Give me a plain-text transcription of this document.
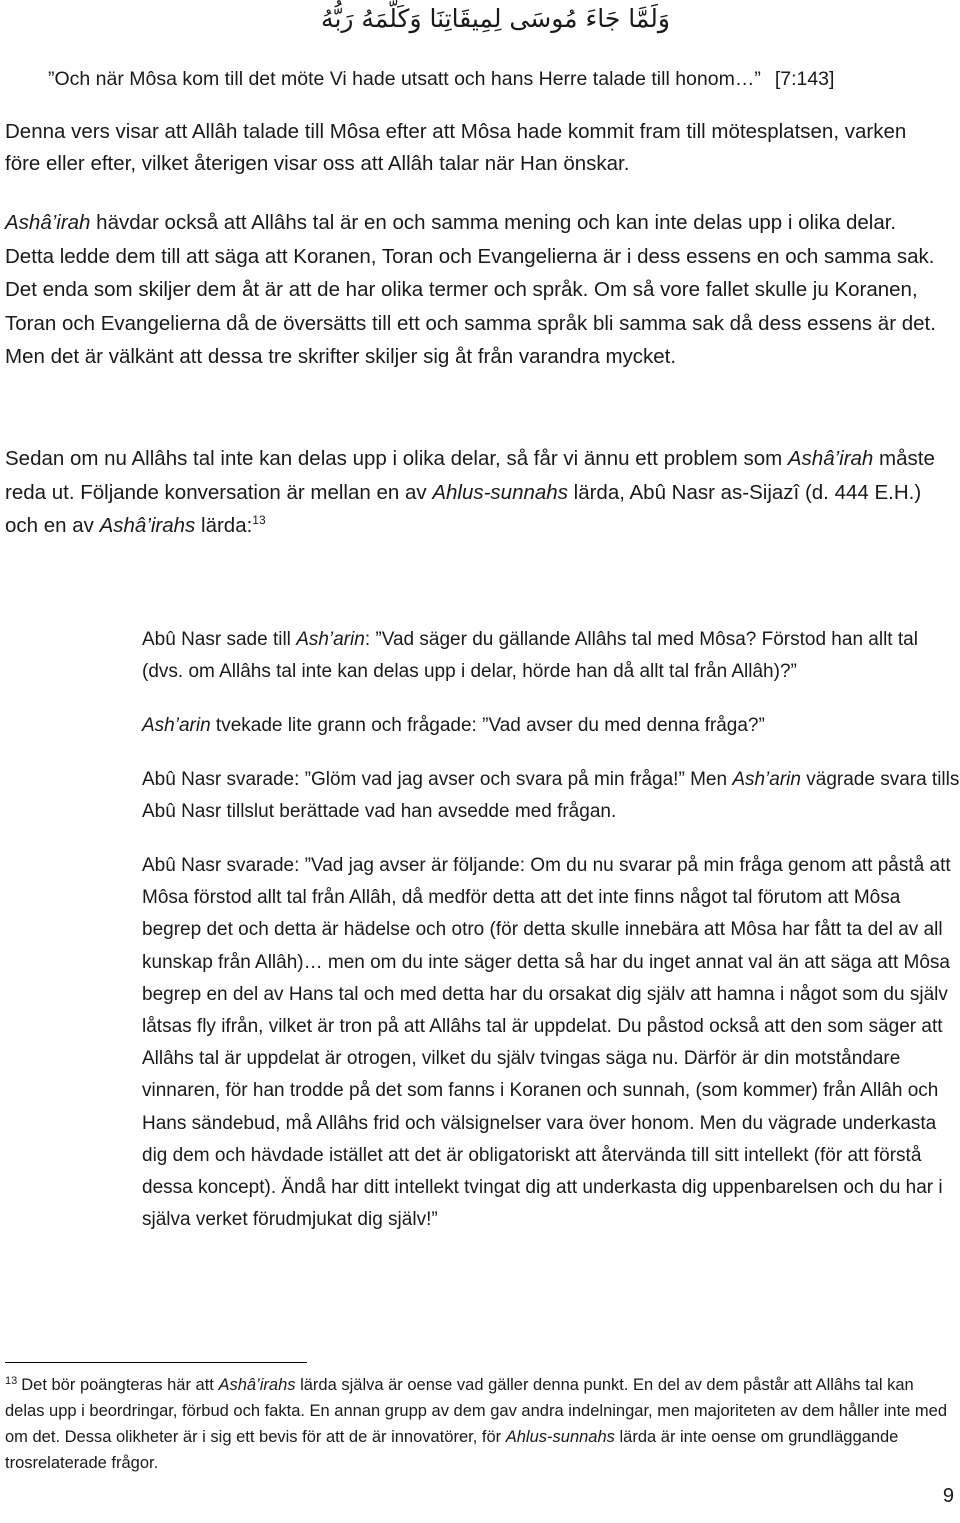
وَلَمَّا جَاءَ مُوسَى لِمِيقَاتِنَا وَكَلَّمَهُ رَبُّهُ
”Och när Môsa kom till det möte Vi hade utsatt och hans Herre talade till honom…” [7:143]
Denna vers visar att Allâh talade till Môsa efter att Môsa hade kommit fram till mötesplatsen, varken före eller efter, vilket återigen visar oss att Allâh talar när Han önskar.
Ashâ’irah hävdar också att Allâhs tal är en och samma mening och kan inte delas upp i olika delar. Detta ledde dem till att säga att Koranen, Toran och Evangelierna är i dess essens en och samma sak. Det enda som skiljer dem åt är att de har olika termer och språk. Om så vore fallet skulle ju Koranen, Toran och Evangelierna då de översätts till ett och samma språk bli samma sak då dess essens är det. Men det är välkänt att dessa tre skrifter skiljer sig åt från varandra mycket.
Sedan om nu Allâhs tal inte kan delas upp i olika delar, så får vi ännu ett problem som Ashâ’irah måste reda ut. Följande konversation är mellan en av Ahlus-sunnahs lärda, Abû Nasr as-Sijazî (d. 444 E.H.) och en av Ashâ’irahs lärda:$^{13}$
Abû Nasr sade till Ash’arin: ”Vad säger du gällande Allâhs tal med Môsa? Förstod han allt tal (dvs. om Allâhs tal inte kan delas upp i delar, hörde han då allt tal från Allâh)?”
Ash’arin tvekade lite grann och frågade: ”Vad avser du med denna fråga?”
Abû Nasr svarade: ”Glöm vad jag avser och svara på min fråga!” Men Ash’arin vägrade svara tills Abû Nasr tillslut berättade vad han avsedde med frågan.
Abû Nasr svarade: ”Vad jag avser är följande: Om du nu svarar på min fråga genom att påstå att Môsa förstod allt tal från Allâh, då medför detta att det inte finns något tal förutom att Môsa begrep det och detta är hädelse och otro (för detta skulle innebära att Môsa har fått ta del av all kunskap från Allâh)… men om du inte säger detta så har du inget annat val än att säga att Môsa begrep en del av Hans tal och med detta har du orsakat dig själv att hamna i något som du själv låtsas fly ifrån, vilket är tron på att Allâhs tal är uppdelat. Du påstod också att den som säger att Allâhs tal är uppdelat är otrogen, vilket du själv tvingas säga nu. Därför är din motståndare vinnaren, för han trodde på det som fanns i Koranen och sunnah, (som kommer) från Allâh och Hans sändebud, må Allâhs frid och välsignelser vara över honom. Men du vägrade underkasta dig dem och hävdade istället att det är obligatoriskt att återvända till sitt intellekt (för att förstå dessa koncept). Ändå har ditt intellekt tvingat dig att underkasta dig uppenbarelsen och du har i själva verket förudmjukat dig själv!”
$^{13}$ Det bör poängteras här att Ashâ’irahs lärda själva är oense vad gäller denna punkt. En del av dem påstår att Allâhs tal kan delas upp i beordringar, förbud och fakta. En annan grupp av dem gav andra indelningar, men majoriteten av dem håller inte med om det. Dessa olikheter är i sig ett bevis för att de är innovatörer, för Ahlus-sunnahs lärda är inte oense om grundläggande trosrelaterade frågor.
9
